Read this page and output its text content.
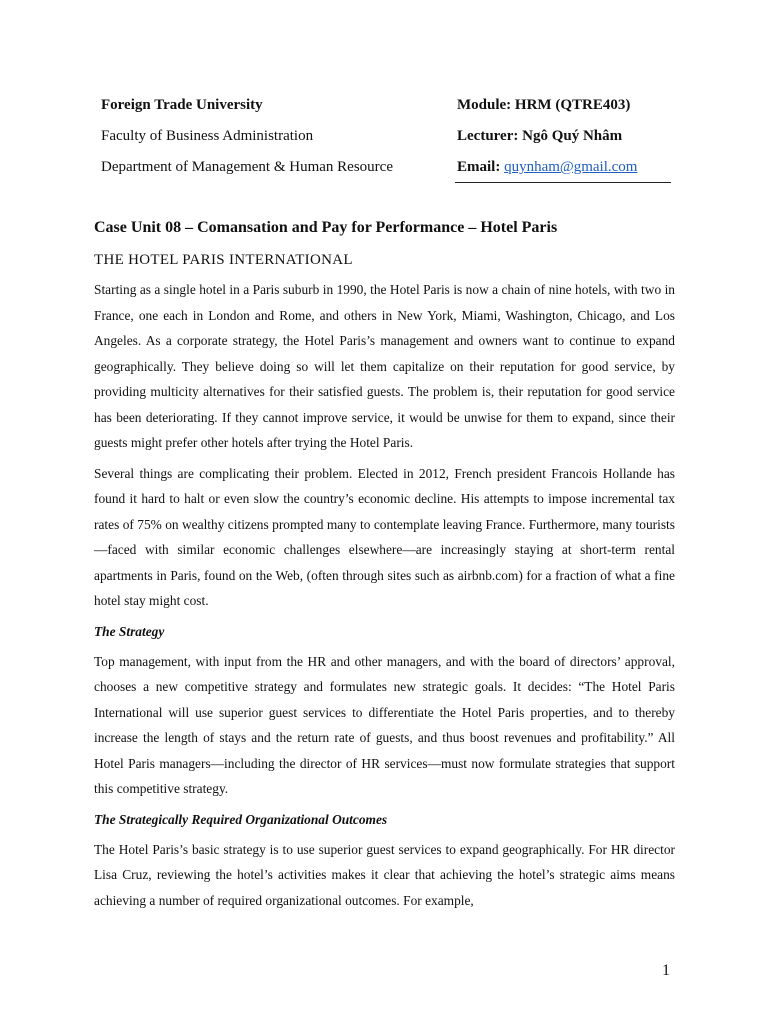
Foreign Trade University
Faculty of Business Administration
Department of Management & Human Resource
Module: HRM (QTRE403)
Lecturer: Ngô Quý Nhâm
Email: quynham@gmail.com
Case Unit 08 – Comansation and Pay for Performance – Hotel Paris
THE HOTEL PARIS INTERNATIONAL

Starting as a single hotel in a Paris suburb in 1990, the Hotel Paris is now a chain of nine hotels, with two in France, one each in London and Rome, and others in New York, Miami, Washington, Chicago, and Los Angeles. As a corporate strategy, the Hotel Paris’s management and owners want to continue to expand geographically. They believe doing so will let them capitalize on their reputation for good service, by providing multicity alternatives for their satisfied guests. The problem is, their reputation for good service has been deteriorating. If they cannot improve service, it would be unwise for them to expand, since their guests might prefer other hotels after trying the Hotel Paris.

Several things are complicating their problem. Elected in 2012, French president Francois Hollande has found it hard to halt or even slow the country’s economic decline. His attempts to impose incremental tax rates of 75% on wealthy citizens prompted many to contemplate leaving France. Furthermore, many tourists—faced with similar economic challenges elsewhere—are increasingly staying at short-term rental apartments in Paris, found on the Web, (often through sites such as airbnb.com) for a fraction of what a fine hotel stay might cost.

The Strategy

Top management, with input from the HR and other managers, and with the board of directors’ approval, chooses a new competitive strategy and formulates new strategic goals. It decides: “The Hotel Paris International will use superior guest services to differentiate the Hotel Paris properties, and to thereby increase the length of stays and the return rate of guests, and thus boost revenues and profitability.” All Hotel Paris managers—including the director of HR services—must now formulate strategies that support this competitive strategy.

The Strategically Required Organizational Outcomes

The Hotel Paris’s basic strategy is to use superior guest services to expand geographically. For HR director Lisa Cruz, reviewing the hotel’s activities makes it clear that achieving the hotel’s strategic aims means achieving a number of required organizational outcomes. For example,

1
